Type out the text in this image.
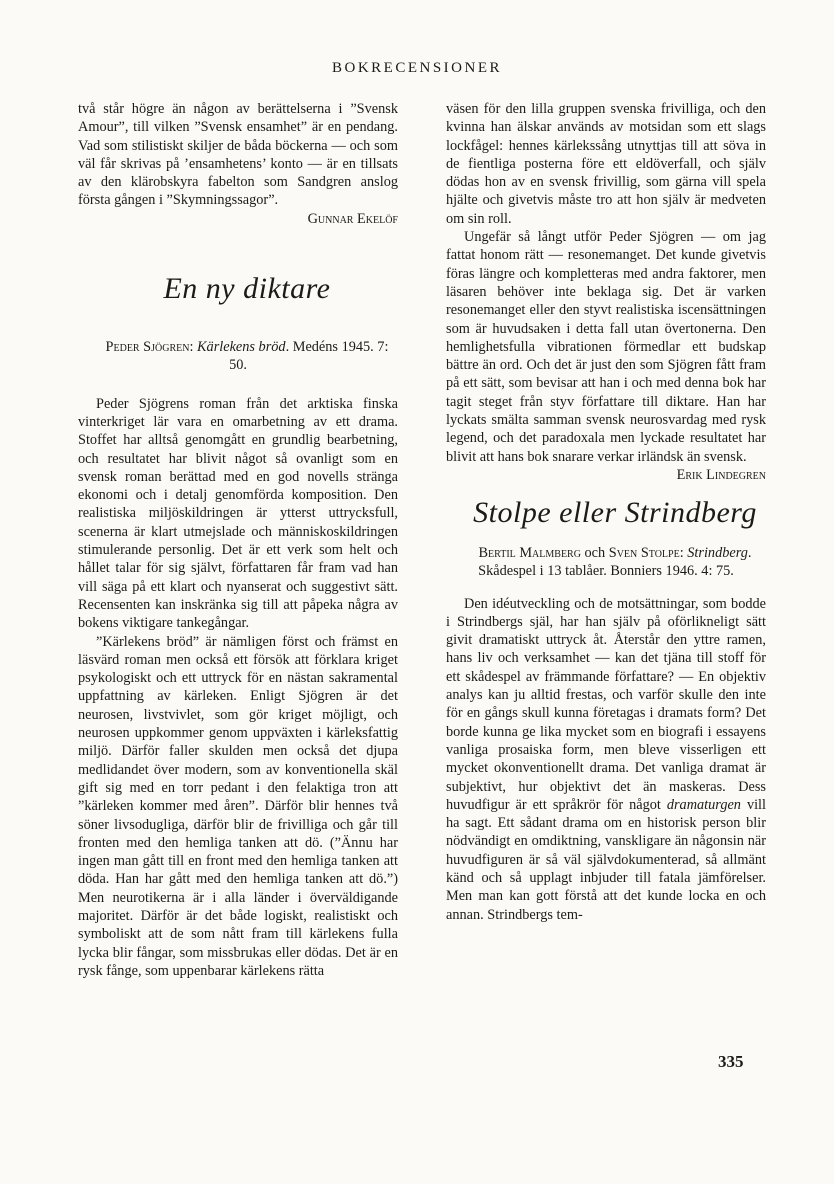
BOKRECENSIONER

två står högre än någon av berättelserna i ”Svensk Amour”, till vilken ”Svensk ensamhet” är en pendang. Vad som stilistiskt skiljer de båda böckerna — och som väl får skrivas på ’ensamhetens’ konto — är en tillsats av den klärobskyra fabelton som Sandgren anslog första gången i ”Skymningssagor”.

Gunnar Ekelöf

En ny diktare

Peder Sjögren: Kärlekens bröd. Medéns 1945. 7: 50.

Peder Sjögrens roman från det arktiska finska vinterkriget lär vara en omarbetning av ett drama. Stoffet har alltså genomgått en grundlig bearbetning, och resultatet har blivit något så ovanligt som en svensk roman berättad med en god novells stränga ekonomi och i detalj genomförda komposition. Den realistiska miljöskildringen är ytterst uttrycksfull, scenerna är klart utmejslade och människoskildringen stimulerande personlig. Det är ett verk som helt och hållet talar för sig självt, författaren får fram vad han vill säga på ett klart och nyanserat och suggestivt sätt. Recensenten kan inskränka sig till att påpeka några av bokens viktigare tankegångar.

”Kärlekens bröd” är nämligen först och främst en läsvärd roman men också ett försök att förklara kriget psykologiskt och ett uttryck för en nästan sakramental uppfattning av kärleken. Enligt Sjögren är det neurosen, livstvivlet, som gör kriget möjligt, och neurosen uppkommer genom uppväxten i kärleksfattig miljö. Därför faller skulden men också det djupa medlidandet över modern, som av konventionella skäl gift sig med en torr pedant i den felaktiga tron att ”kärleken kommer med åren”. Därför blir hennes två söner livsodugliga, därför blir de frivilliga och går till fronten med den hemliga tanken att dö. (”Ännu har ingen man gått till en front med den hemliga tanken att döda. Han har gått med den hemliga tanken att dö.”) Men neurotikerna är i alla länder i överväldigande majoritet. Därför är det både logiskt, realistiskt och symboliskt att de som nått fram till kärlekens fulla lycka blir fångar, som missbrukas eller dödas. Det är en rysk fånge, som uppenbarar kärlekens rätta

väsen för den lilla gruppen svenska frivilliga, och den kvinna han älskar används av motsidan som ett slags lockfågel: hennes kärlekssång utnyttjas till att söva in de fientliga posterna före ett eldöverfall, och själv dödas hon av en svensk frivillig, som gärna vill spela hjälte och givetvis måste tro att hon själv är medveten om sin roll.

Ungefär så långt utför Peder Sjögren — om jag fattat honom rätt — resonemanget. Det kunde givetvis föras längre och kompletteras med andra faktorer, men läsaren behöver inte beklaga sig. Det är varken resonemanget eller den styvt realistiska iscensättningen som är huvudsaken i detta fall utan övertonerna. Den hemlighetsfulla vibrationen förmedlar ett budskap bättre än ord. Och det är just den som Sjögren fått fram på ett sätt, som bevisar att han i och med denna bok har tagit steget från styv författare till diktare. Han har lyckats smälta samman svensk neurosvardag med rysk legend, och det paradoxala men lyckade resultatet har blivit att hans bok snarare verkar irländsk än svensk.
Erik Lindegren

Stolpe eller Strindberg

Bertil Malmberg och Sven Stolpe: Strindberg. Skådespel i 13 tablåer. Bonniers 1946. 4: 75.

Den idéutveckling och de motsättningar, som bodde i Strindbergs själ, har han själv på oförlikneligt sätt givit dramatiskt uttryck åt. Återstår den yttre ramen, hans liv och verksamhet — kan det tjäna till stoff för ett skådespel av främmande författare? — En objektiv analys kan ju alltid frestas, och varför skulle den inte för en gångs skull kunna företagas i dramats form? Det borde kunna ge lika mycket som en biografi i essayens vanliga prosaiska form, men bleve visserligen ett mycket okonventionellt drama. Det vanliga dramat är subjektivt, hur objektivt det än maskeras. Dess huvudfigur är ett språkrör för något dramaturgen vill ha sagt. Ett sådant drama om en historisk person blir nödvändigt en omdiktning, vanskligare än någonsin när huvudfiguren är så väl självdokumenterad, så allmänt känd och så upplagt inbjuder till fatala jämförelser. Men man kan gott förstå att det kunde locka en och annan. Strindbergs tem-

335
